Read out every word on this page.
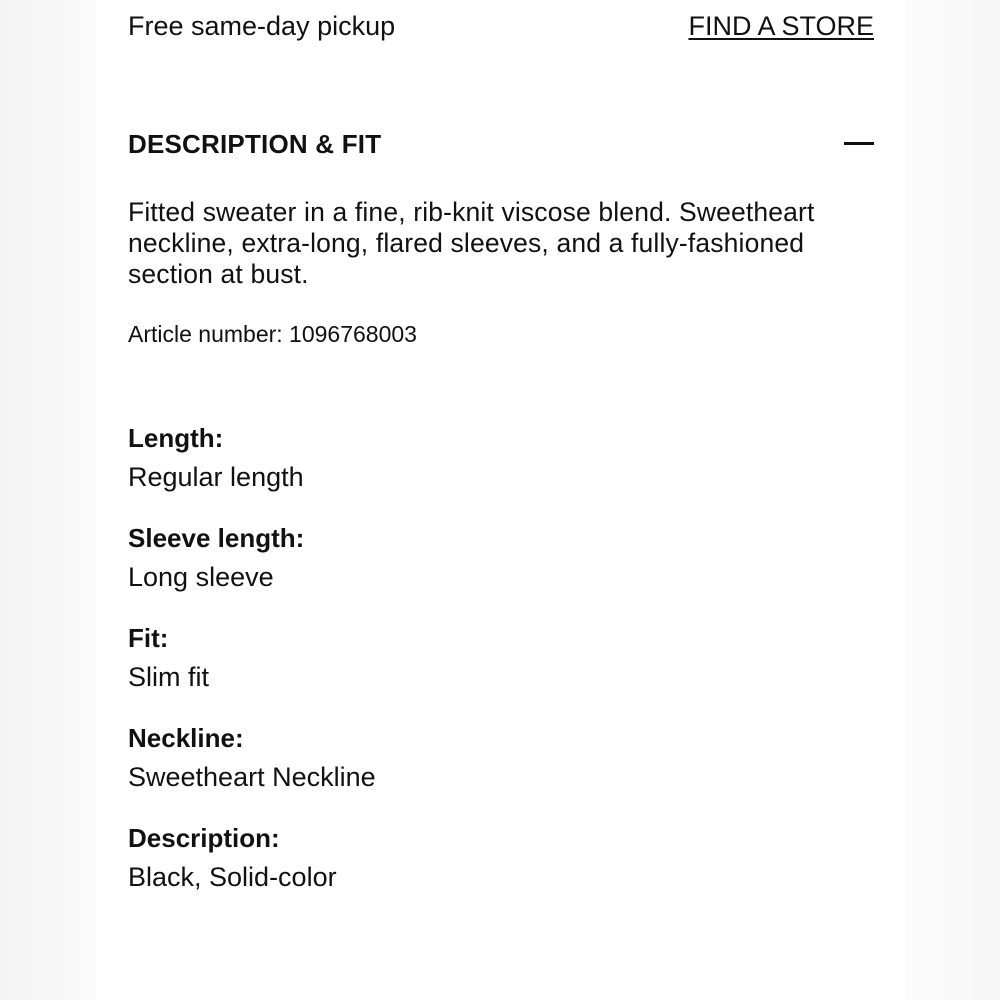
Free same-day pickup	FIND A STORE
DESCRIPTION & FIT
Fitted sweater in a fine, rib-knit viscose blend. Sweetheart neckline, extra-long, flared sleeves, and a fully-fashioned section at bust.
Article number: 1096768003
Length:
Regular length
Sleeve length:
Long sleeve
Fit:
Slim fit
Neckline:
Sweetheart Neckline
Description:
Black, Solid-color
